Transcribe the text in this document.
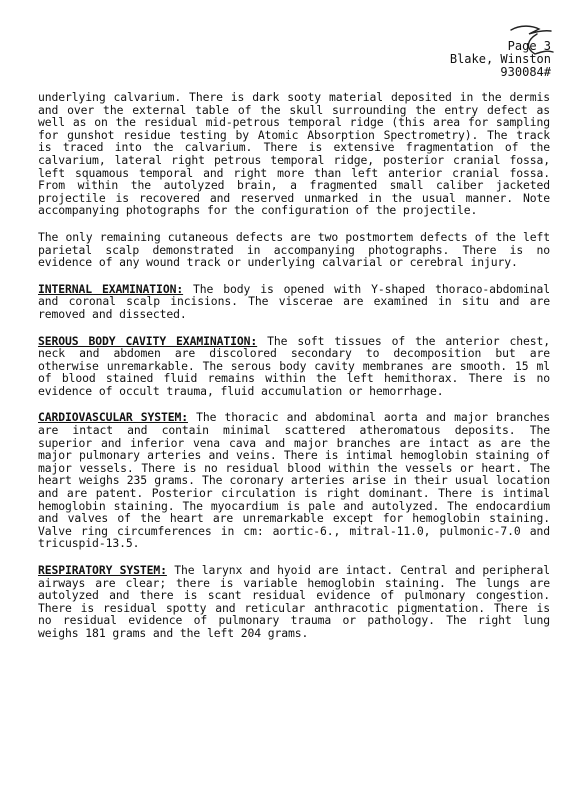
Page 3
Blake, Winston
930084#

underlying calvarium. There is dark sooty material deposited in the dermis and over the external table of the skull surrounding the entry defect as well as on the residual mid-petrous temporal ridge (this area for sampling for gunshot residue testing by Atomic Absorption Spectrometry). The track is traced into the calvarium. There is extensive fragmentation of the calvarium, lateral right petrous temporal ridge, posterior cranial fossa, left squamous temporal and right more than left anterior cranial fossa. From within the autolyzed brain, a fragmented small caliber jacketed projectile is recovered and reserved unmarked in the usual manner. Note accompanying photographs for the configuration of the projectile.

The only remaining cutaneous defects are two postmortem defects of the left parietal scalp demonstrated in accompanying photographs. There is no evidence of any wound track or underlying calvarial or cerebral injury.

INTERNAL EXAMINATION: The body is opened with Y-shaped thoraco-abdominal and coronal scalp incisions. The viscerae are examined in situ and are removed and dissected.

SEROUS BODY CAVITY EXAMINATION: The soft tissues of the anterior chest, neck and abdomen are discolored secondary to decomposition but are otherwise unremarkable. The serous body cavity membranes are smooth. 15 ml of blood stained fluid remains within the left hemithorax. There is no evidence of occult trauma, fluid accumulation or hemorrhage.

CARDIOVASCULAR SYSTEM: The thoracic and abdominal aorta and major branches are intact and contain minimal scattered atheromatous deposits. The superior and inferior vena cava and major branches are intact as are the major pulmonary arteries and veins. There is intimal hemoglobin staining of major vessels. There is no residual blood within the vessels or heart. The heart weighs 235 grams. The coronary arteries arise in their usual location and are patent. Posterior circulation is right dominant. There is intimal hemoglobin staining. The myocardium is pale and autolyzed. The endocardium and valves of the heart are unremarkable except for hemoglobin staining. Valve ring circumferences in cm: aortic-6., mitral-11.0, pulmonic-7.0 and tricuspid-13.5.

RESPIRATORY SYSTEM: The larynx and hyoid are intact. Central and peripheral airways are clear; there is variable hemoglobin staining. The lungs are autolyzed and there is scant residual evidence of pulmonary congestion. There is residual spotty and reticular anthracotic pigmentation. There is no residual evidence of pulmonary trauma or pathology. The right lung weighs 181 grams and the left 204 grams.
